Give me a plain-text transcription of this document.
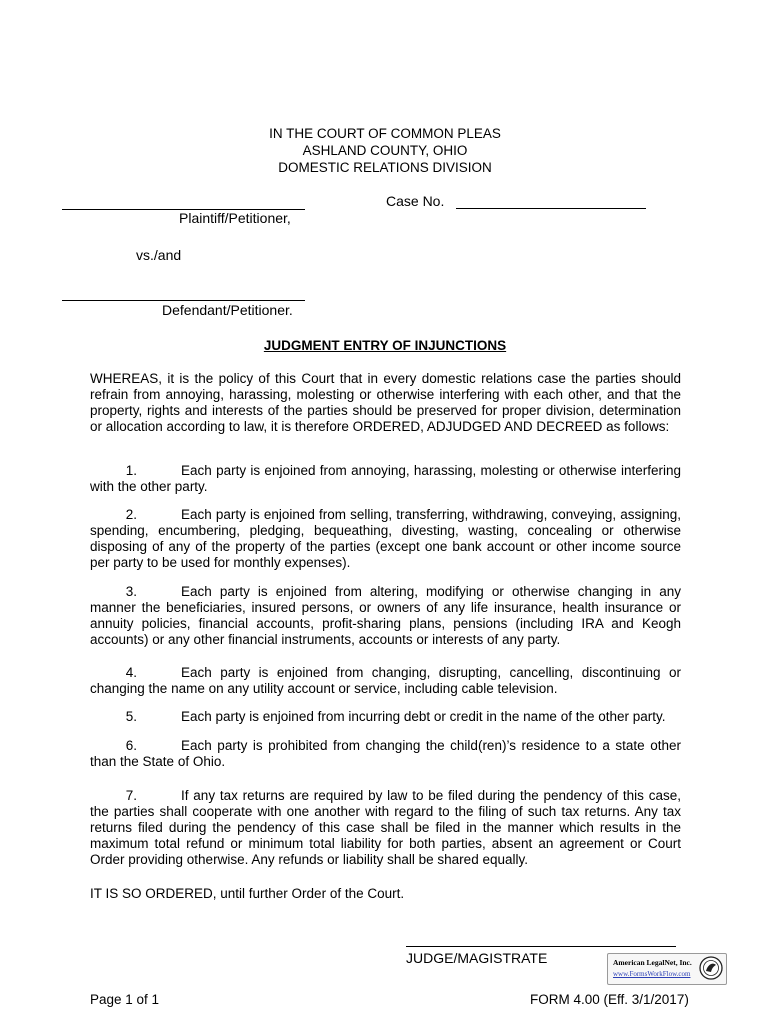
IN THE COURT OF COMMON PLEAS
ASHLAND COUNTY, OHIO
DOMESTIC RELATIONS DIVISION
Case No.
Plaintiff/Petitioner,
vs./and
Defendant/Petitioner.
JUDGMENT ENTRY OF INJUNCTIONS
WHEREAS, it is the policy of this Court that in every domestic relations case the parties should refrain from annoying, harassing, molesting or otherwise interfering with each other, and that the property, rights and interests of the parties should be preserved for proper division, determination or allocation according to law, it is therefore ORDERED, ADJUDGED AND DECREED as follows:
1.	Each party is enjoined from annoying, harassing, molesting or otherwise interfering with the other party.
2.	Each party is enjoined from selling, transferring, withdrawing, conveying, assigning, spending, encumbering, pledging, bequeathing, divesting, wasting, concealing or otherwise disposing of any of the property of the parties (except one bank account or other income source per party to be used for monthly expenses).
3.	Each party is enjoined from altering, modifying or otherwise changing in any manner the beneficiaries, insured persons, or owners of any life insurance, health insurance or annuity policies, financial accounts, profit-sharing plans, pensions (including IRA and Keogh accounts) or any other financial instruments, accounts or interests of any party.
4.	Each party is enjoined from changing, disrupting, cancelling, discontinuing or changing the name on any utility account or service, including cable television.
5.	Each party is enjoined from incurring debt or credit in the name of the other party.
6.	Each party is prohibited from changing the child(ren)’s residence to a state other than the State of Ohio.
7.	If any tax returns are required by law to be filed during the pendency of this case, the parties shall cooperate with one another with regard to the filing of such tax returns. Any tax returns filed during the pendency of this case shall be filed in the manner which results in the maximum total refund or minimum total liability for both parties, absent an agreement or Court Order providing otherwise. Any refunds or liability shall be shared equally.
IT IS SO ORDERED, until further Order of the Court.
JUDGE/MAGISTRATE	American LegalNet, Inc.
www.FormsWorkFlow.com
Page 1 of 1	FORM 4.00 (Eff. 3/1/2017)
